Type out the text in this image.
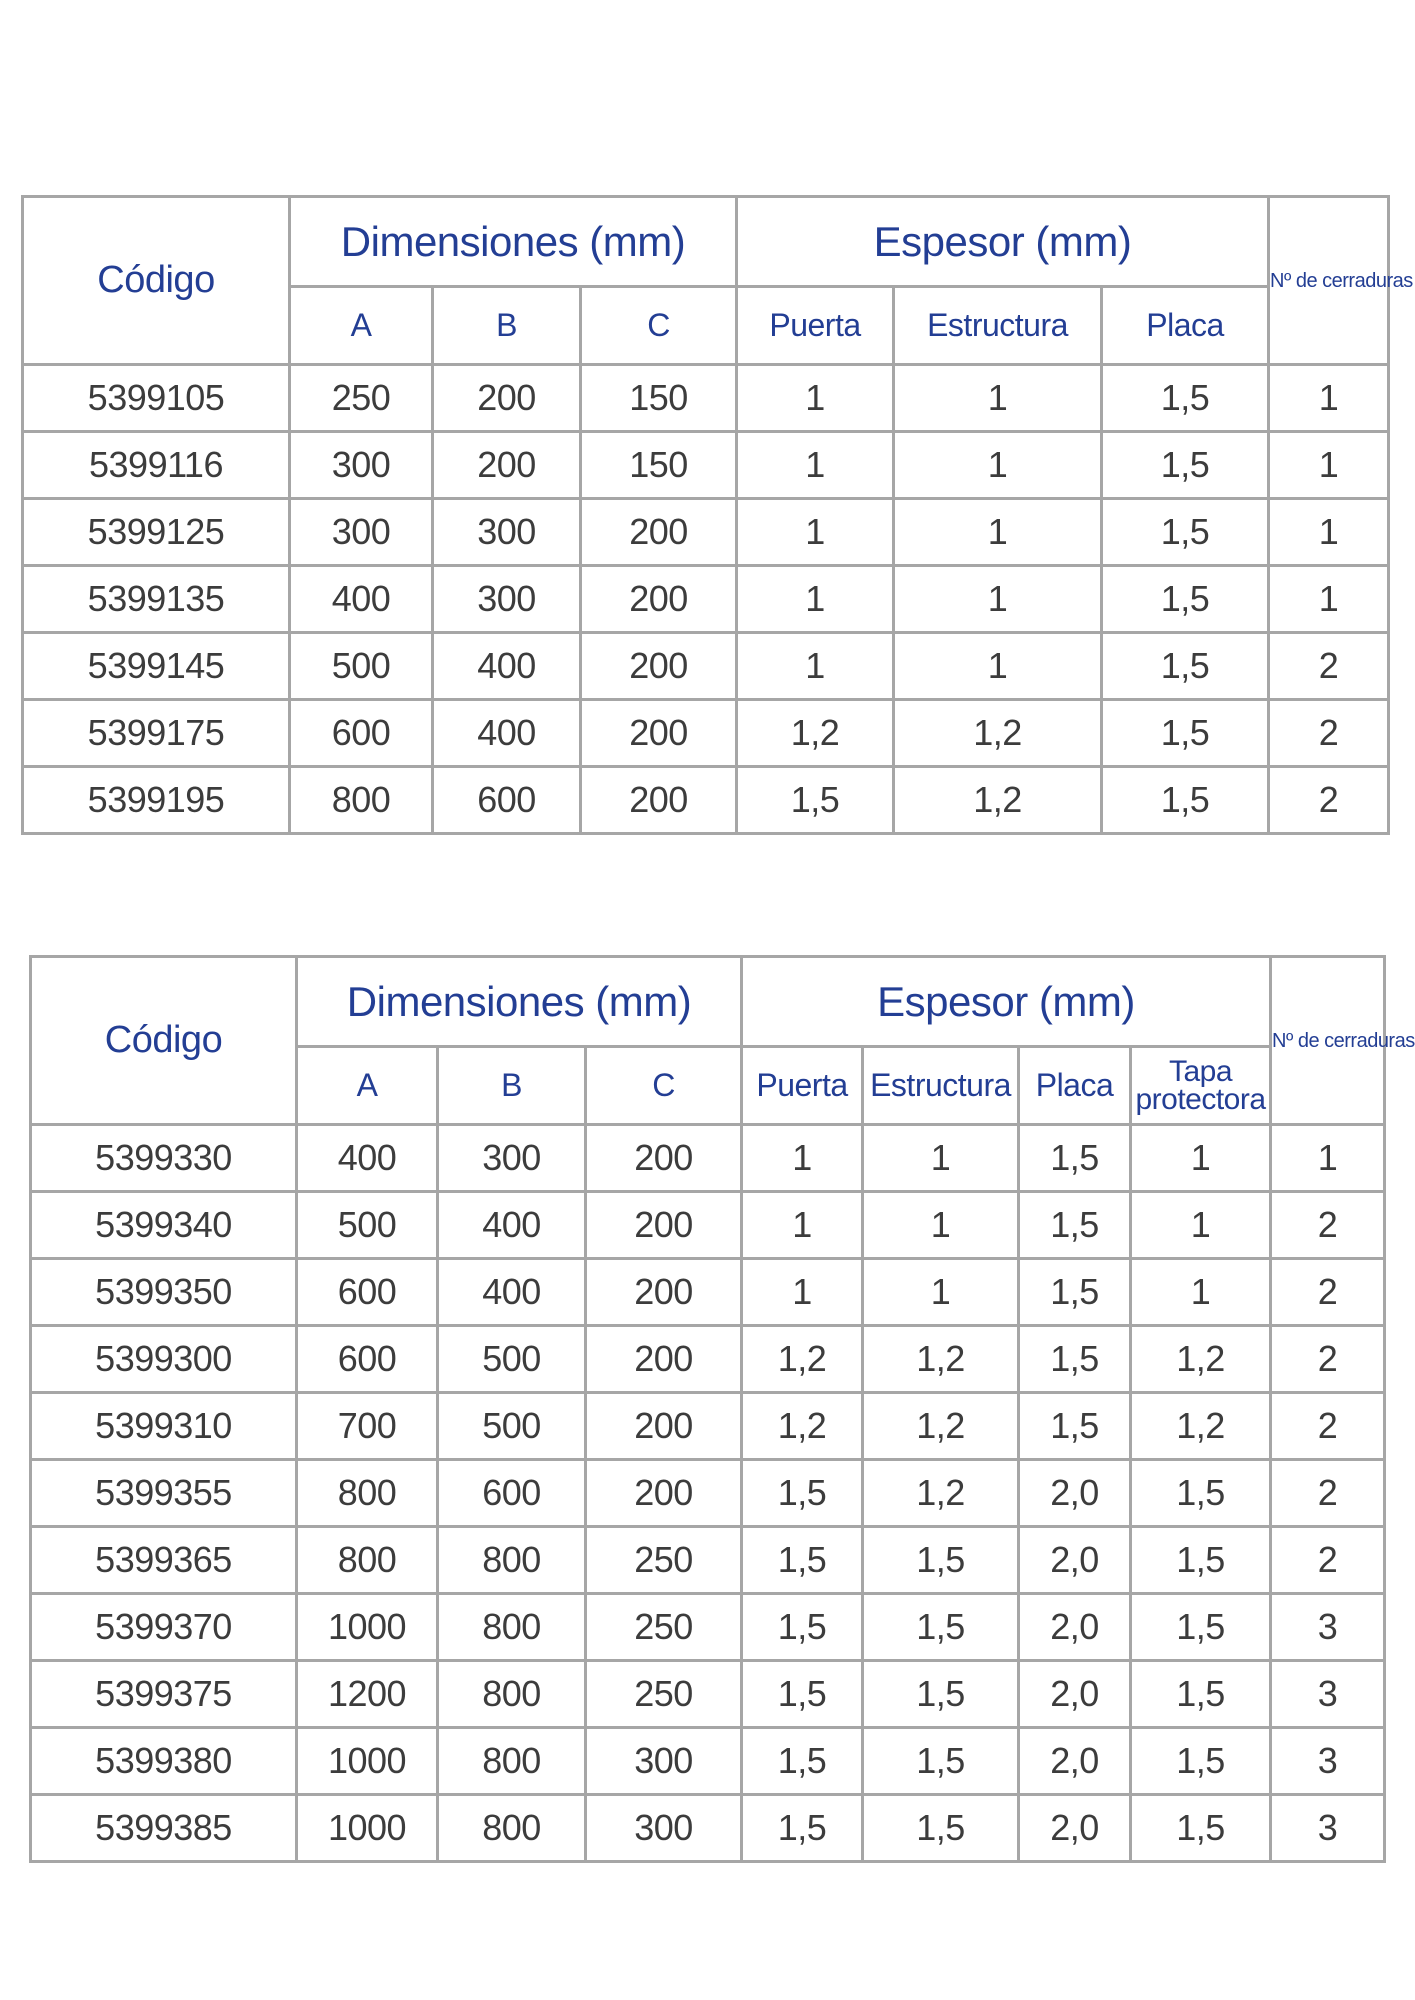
Código	Dimensiones (mm)			Espesor (mm)			Nº de cerraduras
	A	B	C	Puerta	Estructura	Placa	
5399105	250	200	150	1	1	1,5	1
5399116	300	200	150	1	1	1,5	1
5399125	300	300	200	1	1	1,5	1
5399135	400	300	200	1	1	1,5	1
5399145	500	400	200	1	1	1,5	2
5399175	600	400	200	1,2	1,2	1,5	2
5399195	800	600	200	1,5	1,2	1,5	2
Código	Dimensiones (mm)			Espesor (mm)				Nº de cerraduras
	A	B	C	Puerta	Estructura	Placa	Tapa
protectora	

5399330	400	300	200	1	1	1,5	1	1
5399340	500	400	200	1	1	1,5	1	2
5399350	600	400	200	1	1	1,5	1	2
5399300	600	500	200	1,2	1,2	1,5	1,2	2
5399310	700	500	200	1,2	1,2	1,5	1,2	2
5399355	800	600	200	1,5	1,2	2,0	1,5	2
5399365	800	800	250	1,5	1,5	2,0	1,5	2
5399370	1000	800	250	1,5	1,5	2,0	1,5	3
5399375	1200	800	250	1,5	1,5	2,0	1,5	3
5399380	1000	800	300	1,5	1,5	2,0	1,5	3
5399385	1000	800	300	1,5	1,5	2,0	1,5	3
